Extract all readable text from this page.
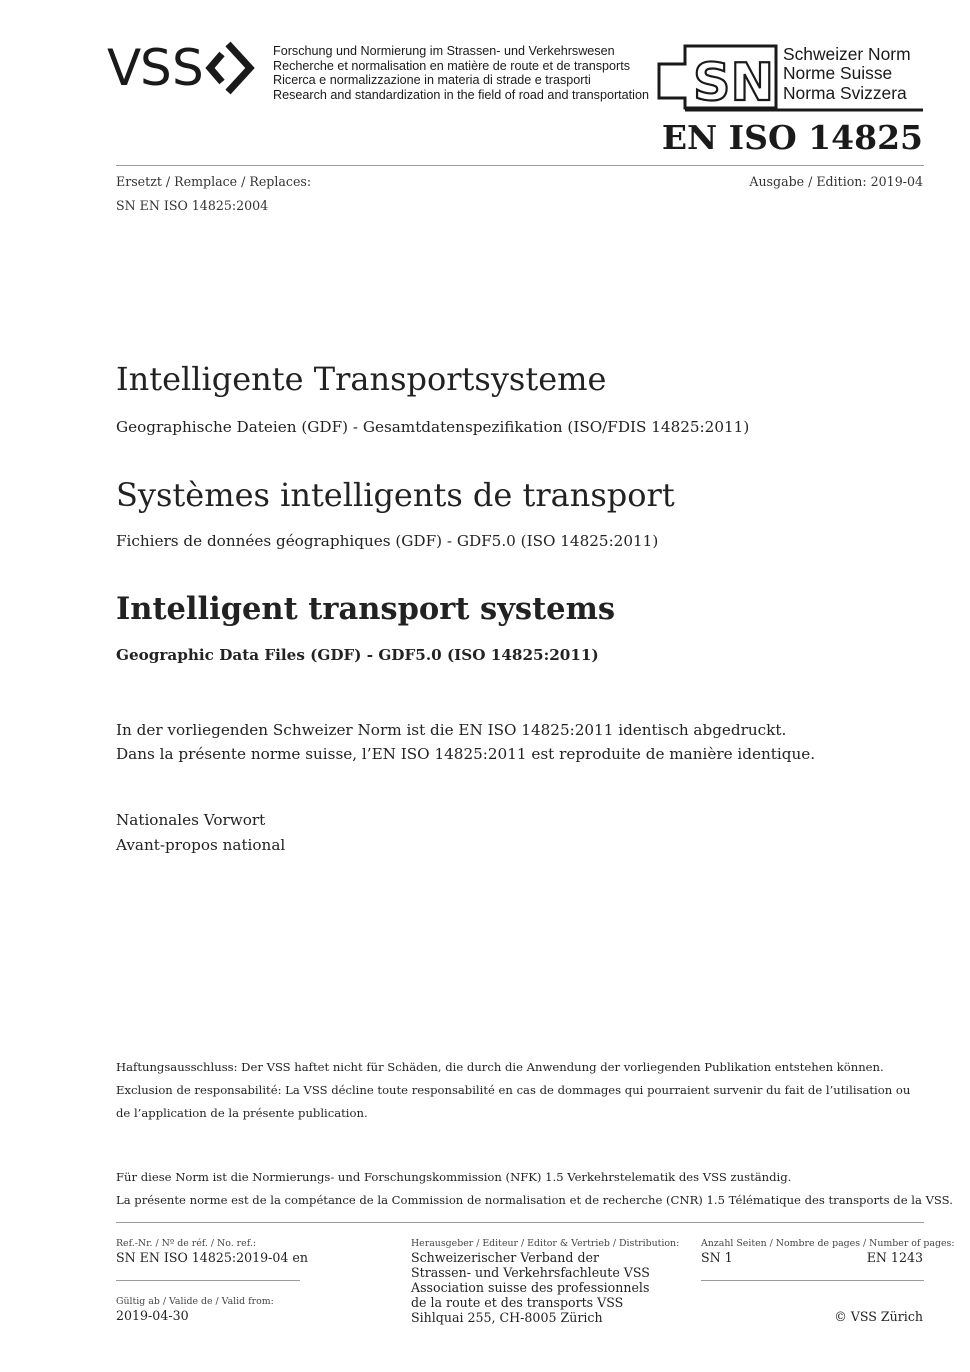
V
S S	Forschung und Normierung im Strassen- und Verkehrswesen
Recherche et normalisation en matière de route et de transports
Ricerca e normalizzazione in materia di strade e trasporti
Research and standardization in the field of road and transportation SN Schweizer Norm
Norme Suisse
Norma Svizzera
EN ISO 14825
Ersetzt / Remplace / Replaces:
SN EN ISO 14825:2004
Ausgabe / Edition: 2019-04
Intelligente Transportsysteme
Geographische Dateien (GDF) - Gesamtdatenspezifikation (ISO/FDIS 14825:2011)
Systèmes intelligents de transport
Fichiers de données géographiques (GDF) - GDF5.0 (ISO 14825:2011)
Intelligent transport systems
Geographic Data Files (GDF) - GDF5.0 (ISO 14825:2011)
In der vorliegenden Schweizer Norm ist die EN ISO 14825:2011 identisch abgedruckt.
Dans la présente norme suisse, l’EN ISO 14825:2011 est reproduite de manière identique.
Nationales Vorwort
Avant-propos national
Haftungsausschluss: Der VSS haftet nicht für Schäden, die durch die Anwendung der vorliegenden Publikation entstehen können.
Exclusion de responsabilité: La VSS décline toute responsabilité en cas de dommages qui pourraient survenir du fait de l’utilisation ou
de l’application de la présente publication.
Für diese Norm ist die Normierungs- und Forschungskommission (NFK) 1.5 Verkehrstelematik des VSS zuständig.
La présente norme est de la compétance de la Commission de normalisation et de recherche (CNR) 1.5 Télématique des transports de la VSS.
Ref.-Nr. / Nº de réf. / No. ref.:
SN EN ISO 14825:2019-04 en
Gültig ab / Valide de / Valid from:
2019-04-30
Herausgeber / Editeur / Editor & Vertrieb / Distribution:
Schweizerischer Verband der
Strassen- und Verkehrsfachleute VSS
Association suisse des professionnels
de la route et des transports VSS
Sihlquai 255, CH-8005 Zürich
Anzahl Seiten / Nombre de pages / Number of pages:
SN 1	EN 1243
© VSS Zürich
